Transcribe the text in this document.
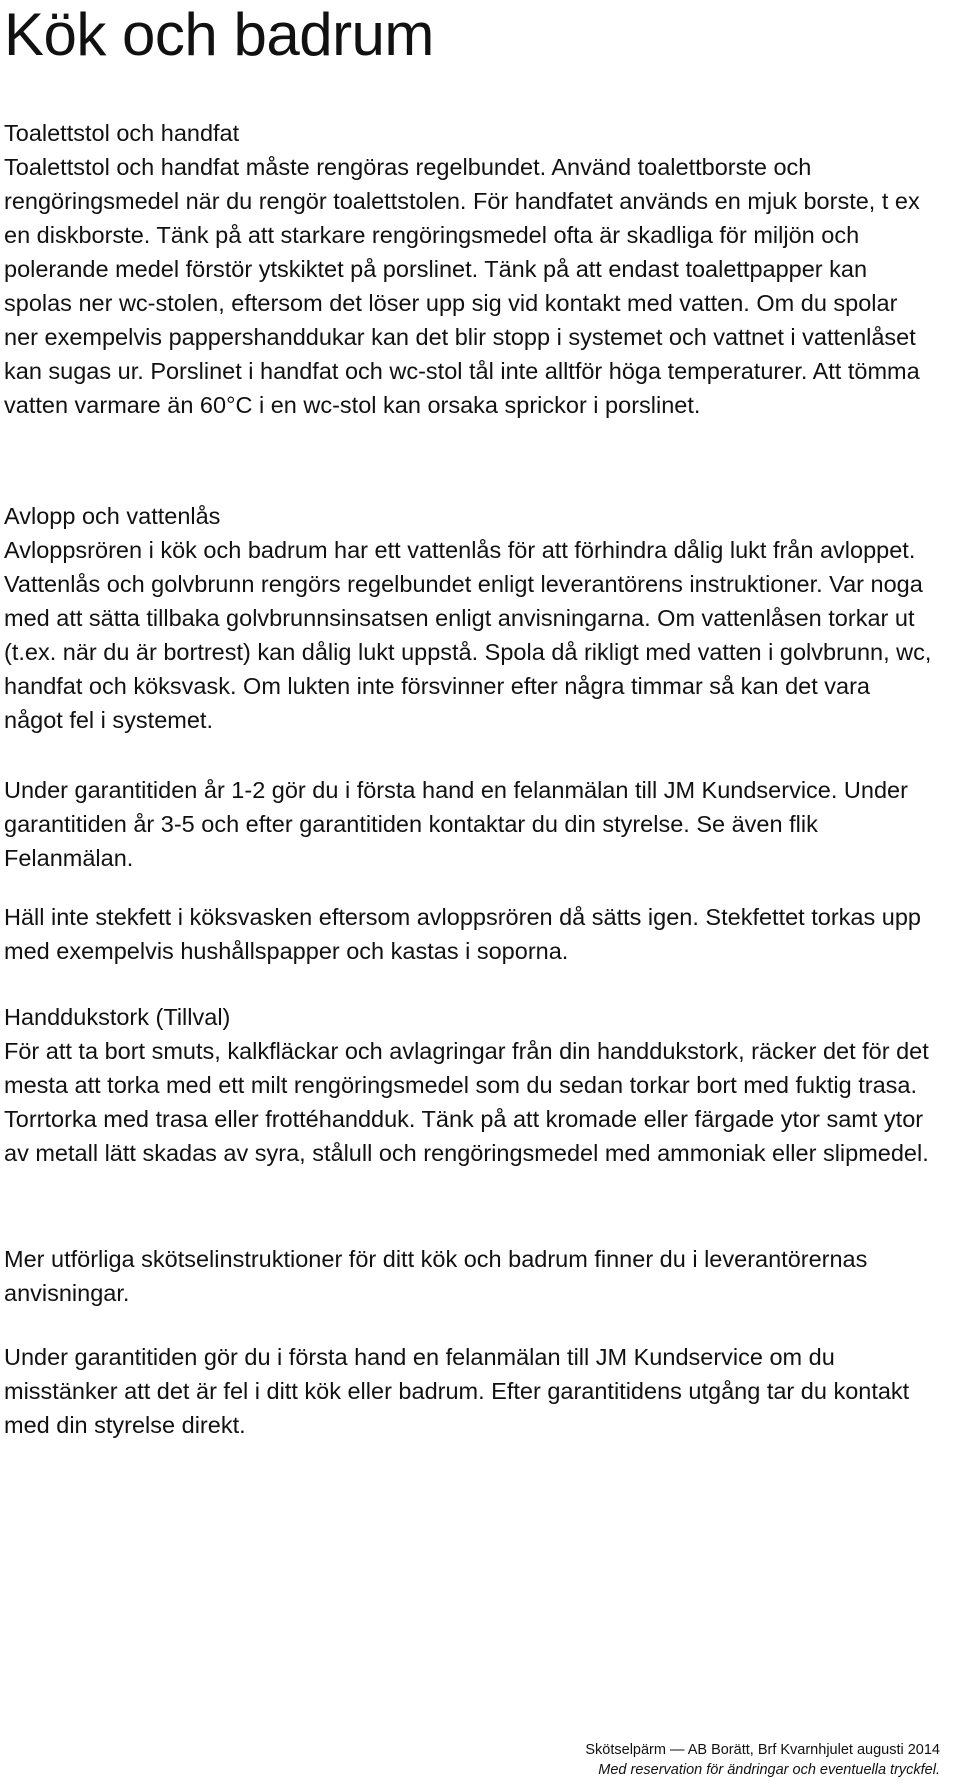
Kök och badrum

Toalettstol och handfat

Toalettstol och handfat måste rengöras regelbundet. Använd toalettborste och rengöringsmedel när du rengör toalettstolen. För handfatet används en mjuk borste, t ex en diskborste. Tänk på att starkare rengöringsmedel ofta är skadliga för miljön och polerande medel förstör ytskiktet på porslinet. Tänk på att endast toalettpapper kan spolas ner wc-stolen, eftersom det löser upp sig vid kontakt med vatten. Om du spolar ner exempelvis pappershanddukar kan det blir stopp i systemet och vattnet i vattenlåset kan sugas ur. Porslinet i handfat och wc-stol tål inte alltför höga temperaturer. Att tömma vatten varmare än 60°C i en wc-stol kan orsaka sprickor i porslinet.

Avlopp och vattenlås

Avloppsrören i kök och badrum har ett vattenlås för att förhindra dålig lukt från avloppet. Vattenlås och golvbrunn rengörs regelbundet enligt leverantörens instruktioner. Var noga med att sätta tillbaka golvbrunnsinsatsen enligt anvisningarna. Om vattenlåsen torkar ut (t.ex. när du är bortrest) kan dålig lukt uppstå. Spola då rikligt med vatten i golvbrunn, wc, handfat och köksvask. Om lukten inte försvinner efter några timmar så kan det vara något fel i systemet.

Under garantitiden år 1-2 gör du i första hand en felanmälan till JM Kundservice. Under garantitiden år 3-5 och efter garantitiden kontaktar du din styrelse. Se även flik Felanmälan.

Häll inte stekfett i köksvasken eftersom avloppsrören då sätts igen. Stekfettet torkas upp med exempelvis hushållspapper och kastas i soporna.

Handdukstork (Tillval)

För att ta bort smuts, kalkfläckar och avlagringar från din handdukstork, räcker det för det mesta att torka med ett milt rengöringsmedel som du sedan torkar bort med fuktig trasa. Torrtorka med trasa eller frottéhandduk. Tänk på att kromade eller färgade ytor samt ytor av metall lätt skadas av syra, stålull och rengöringsmedel med ammoniak eller slipmedel.

Mer utförliga skötselinstruktioner för ditt kök och badrum finner du i leverantörernas anvisningar.

Under garantitiden gör du i första hand en felanmälan till JM Kundservice om du misstänker att det är fel i ditt kök eller badrum. Efter garantitidens utgång tar du kontakt med din styrelse direkt.

Skötselpärm — AB Borätt, Brf Kvarnhjulet augusti 2014
Med reservation för ändringar och eventuella tryckfel.
